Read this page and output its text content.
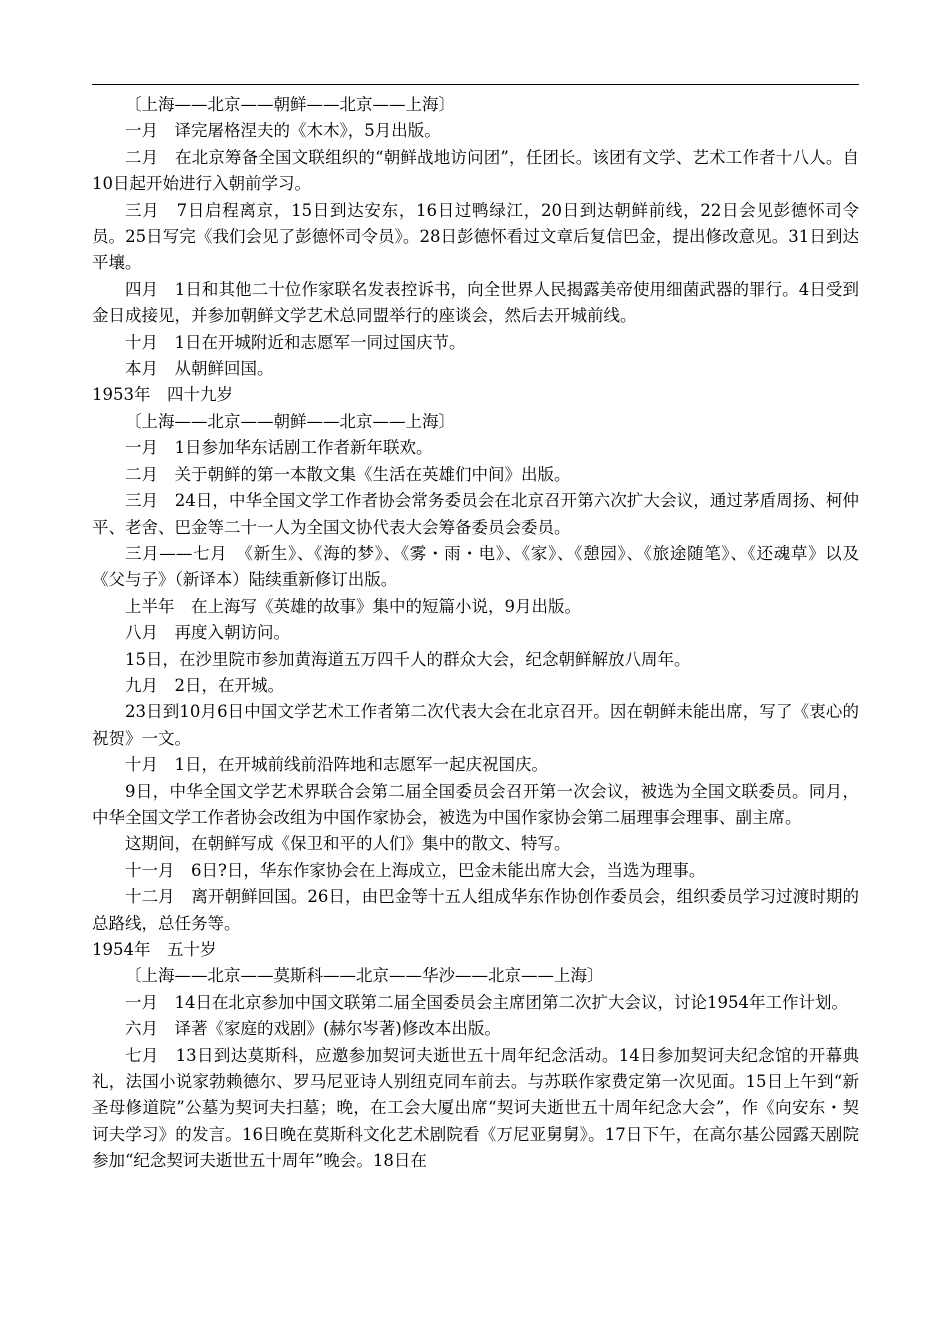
〔上海——北京——朝鲜——北京——上海〕

一月　译完屠格涅夫的《木木》，5月出版。

二月　在北京筹备全国文联组织的“朝鲜战地访问团”，任团长。该团有文学、艺术工作者十八人。自10日起开始进行入朝前学习。

三月　7日启程离京，15日到达安东，16日过鸭绿江，20日到达朝鲜前线，22日会见彭德怀司令员。25日写完《我们会见了彭德怀司令员》。28日彭德怀看过文章后复信巴金，提出修改意见。31日到达平壤。

四月　1日和其他二十位作家联名发表控诉书，向全世界人民揭露美帝使用细菌武器的罪行。4日受到金日成接见，并参加朝鲜文学艺术总同盟举行的座谈会，然后去开城前线。

十月　1日在开城附近和志愿军一同过国庆节。

本月　从朝鲜回国。

1953年　四十九岁

〔上海——北京——朝鲜——北京——上海〕

一月　1日参加华东话剧工作者新年联欢。

二月　关于朝鲜的第一本散文集《生活在英雄们中间》出版。

三月　24日，中华全国文学工作者协会常务委员会在北京召开第六次扩大会议，通过茅盾周扬、柯仲平、老舍、巴金等二十一人为全国文协代表大会筹备委员会委员。

三月——七月　《新生》、《海的梦》、《雾・雨・电》、《家》、《憩园》、《旅途随笔》、《还魂草》以及《父与子》（新译本）陆续重新修订出版。

上半年　在上海写《英雄的故事》集中的短篇小说，9月出版。

八月　再度入朝访问。

15日，在沙里院市参加黄海道五万四千人的群众大会，纪念朝鲜解放八周年。

九月　2日，在开城。

23日到10月6日中国文学艺术工作者第二次代表大会在北京召开。因在朝鲜未能出席，写了《衷心的祝贺》一文。

十月　1日，在开城前线前沿阵地和志愿军一起庆祝国庆。

9日，中华全国文学艺术界联合会第二届全国委员会召开第一次会议，被选为全国文联委员。同月，中华全国文学工作者协会改组为中国作家协会，被选为中国作家协会第二届理事会理事、副主席。

这期间，在朝鲜写成《保卫和平的人们》集中的散文、特写。

十一月　6日?日，华东作家协会在上海成立，巴金未能出席大会，当选为理事。

十二月　离开朝鲜回国。26日，由巴金等十五人组成华东作协创作委员会，组织委员学习过渡时期的总路线，总任务等。

1954年　五十岁

〔上海——北京——莫斯科——北京——华沙——北京——上海〕

一月　14日在北京参加中国文联第二届全国委员会主席团第二次扩大会议，讨论1954年工作计划。

六月　译著《家庭的戏剧》(赫尔岑著)修改本出版。

七月　13日到达莫斯科，应邀参加契诃夫逝世五十周年纪念活动。14日参加契诃夫纪念馆的开幕典礼，法国小说家勃赖德尔、罗马尼亚诗人别纽克同车前去。与苏联作家费定第一次见面。15日上午到“新圣母修道院”公墓为契诃夫扫墓；晚，在工会大厦出席“契诃夫逝世五十周年纪念大会”，作《向安东・契诃夫学习》的发言。16日晚在莫斯科文化艺术剧院看《万尼亚舅舅》。17日下午，在高尔基公园露天剧院参加“纪念契诃夫逝世五十周年”晚会。18日在
